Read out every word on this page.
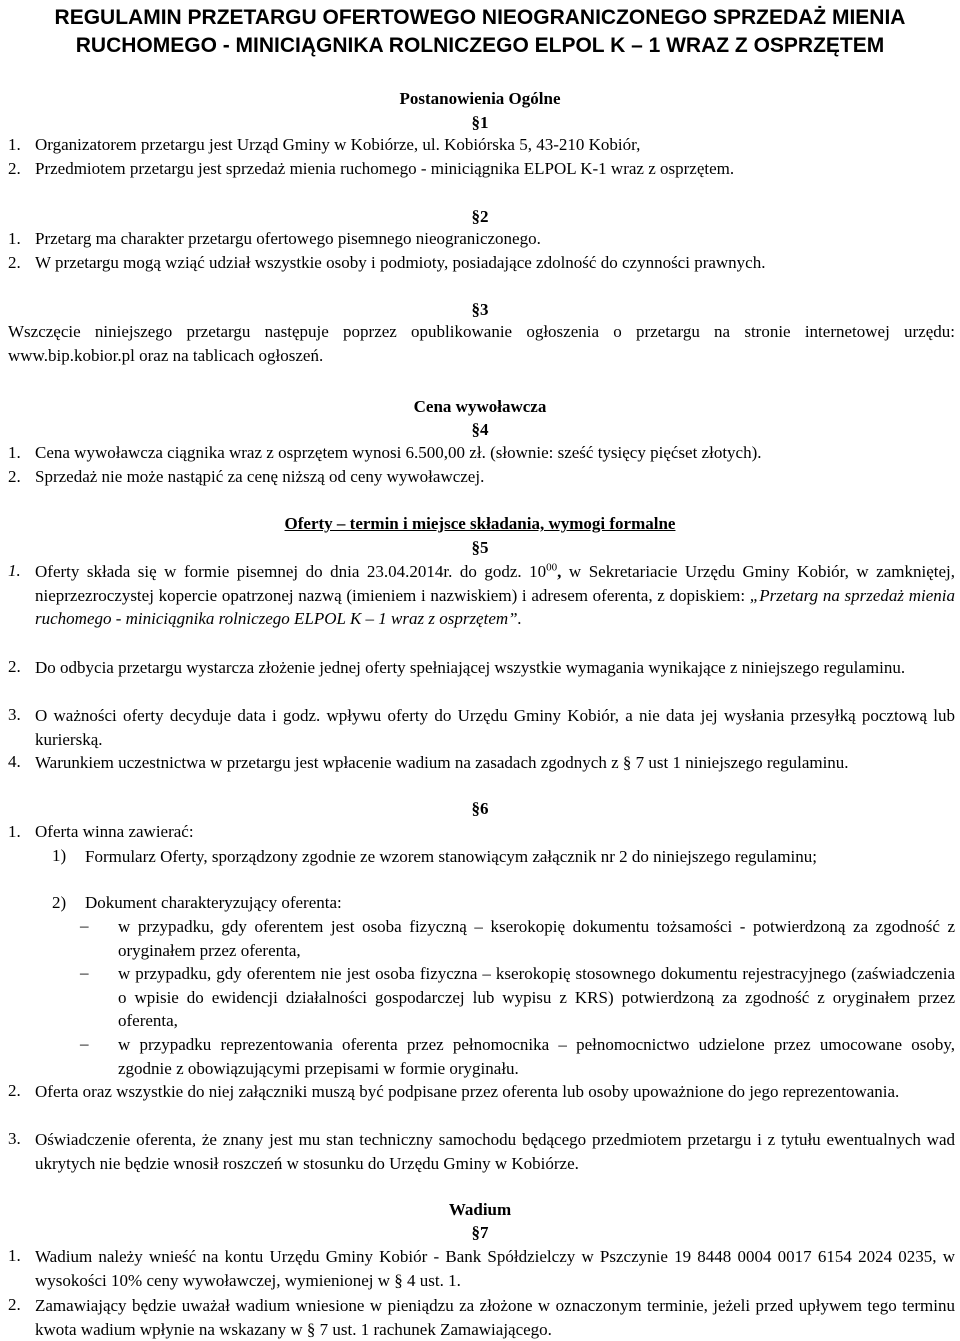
REGULAMIN PRZETARGU OFERTOWEGO NIEOGRANICZONEGO SPRZEDAŻ MIENIA
RUCHOMEGO - MINICIĄGNIKA ROLNICZEGO ELPOL K – 1 WRAZ Z OSPRZĘTEM
Postanowienia Ogólne
§1
1. Organizatorem przetargu jest Urząd Gminy w Kobiórze, ul. Kobiórska 5, 43-210 Kobiór,
2. Przedmiotem przetargu jest sprzedaż mienia ruchomego - miniciągnika ELPOL K-1 wraz z osprzętem.
§2
1. Przetarg ma charakter przetargu ofertowego pisemnego nieograniczonego.
2. W przetargu mogą wziąć udział wszystkie osoby i podmioty, posiadające zdolność do czynności prawnych.
§3
Wszczęcie niniejszego przetargu następuje poprzez opublikowanie ogłoszenia o przetargu na stronie internetowej urzędu: www.bip.kobior.pl oraz na tablicach ogłoszeń.
Cena wywoławcza
§4
1. Cena wywoławcza ciągnika wraz z osprzętem wynosi 6.500,00 zł. (słownie: sześć tysięcy pięćset złotych).
2. Sprzedaż nie może nastąpić za cenę niższą od ceny wywoławczej.
Oferty – termin i miejsce składania, wymogi formalne
§5
1. Oferty składa się w formie pisemnej do dnia 23.04.2014r. do godz. $10^{00}$, w Sekretariacie Urzędu Gminy Kobiór, w zamkniętej, nieprzezroczystej kopercie opatrzonej nazwą (imieniem i nazwiskiem) i adresem oferenta, z dopiskiem: „Przetarg na sprzedaż mienia ruchomego - miniciągnika rolniczego ELPOL K – 1 wraz z osprzętem”.
2. Do odbycia przetargu wystarcza złożenie jednej oferty spełniającej wszystkie wymagania wynikające z niniejszego regulaminu.
3. O ważności oferty decyduje data i godz. wpływu oferty do Urzędu Gminy Kobiór, a nie data jej wysłania przesyłką pocztową lub kurierską.
4. Warunkiem uczestnictwa w przetargu jest wpłacenie wadium na zasadach zgodnych z § 7 ust 1 niniejszego regulaminu.
§6
1. Oferta winna zawierać:
1) Formularz Oferty, sporządzony zgodnie ze wzorem stanowiącym załącznik nr 2 do niniejszego regulaminu;
2) Dokument charakteryzujący oferenta:
– w przypadku, gdy oferentem jest osoba fizyczną – kserokopię dokumentu tożsamości - potwierdzoną za zgodność z oryginałem przez oferenta,
– w przypadku, gdy oferentem nie jest osoba fizyczna – kserokopię stosownego dokumentu rejestracyjnego (zaświadczenia o wpisie do ewidencji działalności gospodarczej lub wypisu z KRS) potwierdzoną za zgodność z oryginałem przez oferenta,
– w przypadku reprezentowania oferenta przez pełnomocnika – pełnomocnictwo udzielone przez umocowane osoby, zgodnie z obowiązującymi przepisami w formie oryginału.
2. Oferta oraz wszystkie do niej załączniki muszą być podpisane przez oferenta lub osoby upoważnione do jego reprezentowania.
3. Oświadczenie oferenta, że znany jest mu stan techniczny samochodu będącego przedmiotem przetargu i z tytułu ewentualnych wad ukrytych nie będzie wnosił roszczeń w stosunku do Urzędu Gminy w Kobiórze.
Wadium
§7
1. Wadium należy wnieść na kontu Urzędu Gminy Kobiór - Bank Spółdzielczy w Pszczynie 19 8448 0004 0017 6154 2024 0235, w wysokości 10% ceny wywoławczej, wymienionej w § 4 ust. 1.
2. Zamawiający będzie uważał wadium wniesione w pieniądzu za złożone w oznaczonym terminie, jeżeli przed upływem tego terminu kwota wadium wpłynie na wskazany w § 7 ust. 1 rachunek Zamawiającego.
